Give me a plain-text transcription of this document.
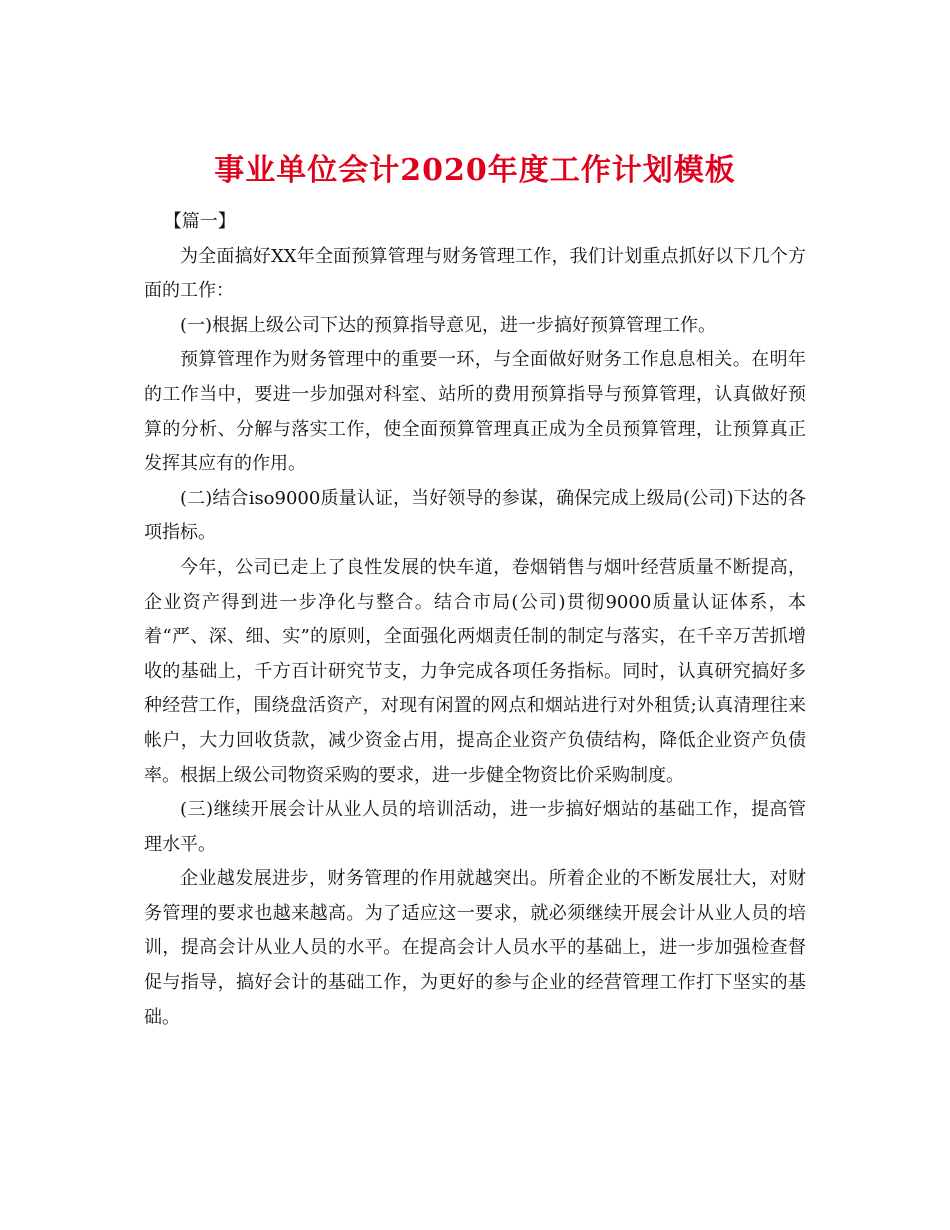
事业单位会计2020年度工作计划模板

【篇一】

为全面搞好XX年全面预算管理与财务管理工作，我们计划重点抓好以下几个方面的工作：

(一)根据上级公司下达的预算指导意见，进一步搞好预算管理工作。

预算管理作为财务管理中的重要一环，与全面做好财务工作息息相关。在明年的工作当中，要进一步加强对科室、站所的费用预算指导与预算管理，认真做好预算的分析、分解与落实工作，使全面预算管理真正成为全员预算管理，让预算真正发挥其应有的作用。

(二)结合iso9000质量认证，当好领导的参谋，确保完成上级局(公司)下达的各项指标。

今年，公司已走上了良性发展的快车道，卷烟销售与烟叶经营质量不断提高，企业资产得到进一步净化与整合。结合市局(公司)贯彻9000质量认证体系，本着“严、深、细、实”的原则，全面强化两烟责任制的制定与落实，在千辛万苦抓增收的基础上，千方百计研究节支，力争完成各项任务指标。同时，认真研究搞好多种经营工作，围绕盘活资产，对现有闲置的网点和烟站进行对外租赁;认真清理往来帐户，大力回收货款，减少资金占用，提高企业资产负债结构，降低企业资产负债率。根据上级公司物资采购的要求，进一步健全物资比价采购制度。

(三)继续开展会计从业人员的培训活动，进一步搞好烟站的基础工作，提高管理水平。

企业越发展进步，财务管理的作用就越突出。所着企业的不断发展壮大，对财务管理的要求也越来越高。为了适应这一要求，就必须继续开展会计从业人员的培训，提高会计从业人员的水平。在提高会计人员水平的基础上，进一步加强检查督促与指导，搞好会计的基础工作，为更好的参与企业的经营管理工作打下坚实的基础。
